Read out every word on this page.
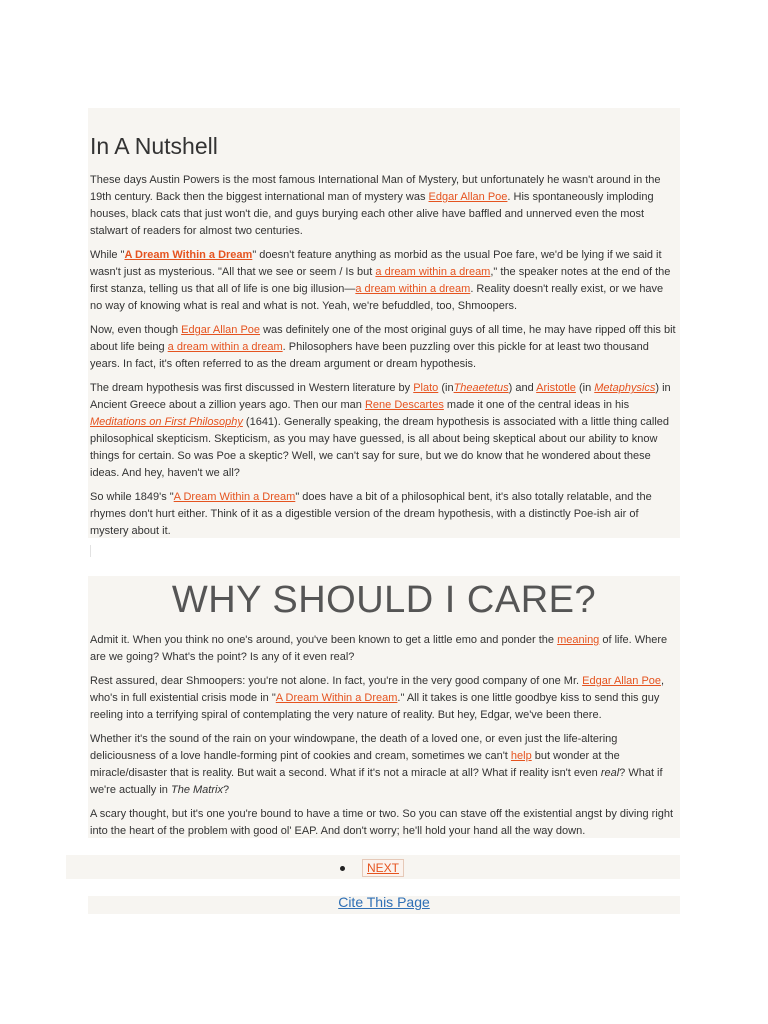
In A Nutshell

These days Austin Powers is the most famous International Man of Mystery, but unfortunately he wasn't around in the 19th century. Back then the biggest international man of mystery was Edgar Allan Poe. His spontaneously imploding houses, black cats that just won't die, and guys burying each other alive have baffled and unnerved even the most stalwart of readers for almost two centuries.

While "A Dream Within a Dream" doesn't feature anything as morbid as the usual Poe fare, we'd be lying if we said it wasn't just as mysterious. "All that we see or seem / Is but a dream within a dream," the speaker notes at the end of the first stanza, telling us that all of life is one big illusion—a dream within a dream. Reality doesn't really exist, or we have no way of knowing what is real and what is not. Yeah, we're befuddled, too, Shmoopers.

Now, even though Edgar Allan Poe was definitely one of the most original guys of all time, he may have ripped off this bit about life being a dream within a dream. Philosophers have been puzzling over this pickle for at least two thousand years. In fact, it's often referred to as the dream argument or dream hypothesis.

The dream hypothesis was first discussed in Western literature by Plato (inTheaetetus) and Aristotle (in Metaphysics) in Ancient Greece about a zillion years ago. Then our man Rene Descartes made it one of the central ideas in his Meditations on First Philosophy (1641). Generally speaking, the dream hypothesis is associated with a little thing called philosophical skepticism. Skepticism, as you may have guessed, is all about being skeptical about our ability to know things for certain. So was Poe a skeptic? Well, we can't say for sure, but we do know that he wondered about these ideas. And hey, haven't we all?

So while 1849's "A Dream Within a Dream" does have a bit of a philosophical bent, it's also totally relatable, and the rhymes don't hurt either. Think of it as a digestible version of the dream hypothesis, with a distinctly Poe-ish air of mystery about it.

WHY SHOULD I CARE?

Admit it. When you think no one's around, you've been known to get a little emo and ponder the meaning of life. Where are we going? What's the point? Is any of it even real?

Rest assured, dear Shmoopers: you're not alone. In fact, you're in the very good company of one Mr. Edgar Allan Poe, who's in full existential crisis mode in "A Dream Within a Dream." All it takes is one little goodbye kiss to send this guy reeling into a terrifying spiral of contemplating the very nature of reality. But hey, Edgar, we've been there.

Whether it's the sound of the rain on your windowpane, the death of a loved one, or even just the life-altering deliciousness of a love handle-forming pint of cookies and cream, sometimes we can't help but wonder at the miracle/disaster that is reality. But wait a second. What if it's not a miracle at all? What if reality isn't even real? What if we're actually in The Matrix?

A scary thought, but it's one you're bound to have a time or two. So you can stave off the existential angst by diving right into the heart of the problem with good ol' EAP. And don't worry; he'll hold your hand all the way down.

NEXT
Cite This Page
